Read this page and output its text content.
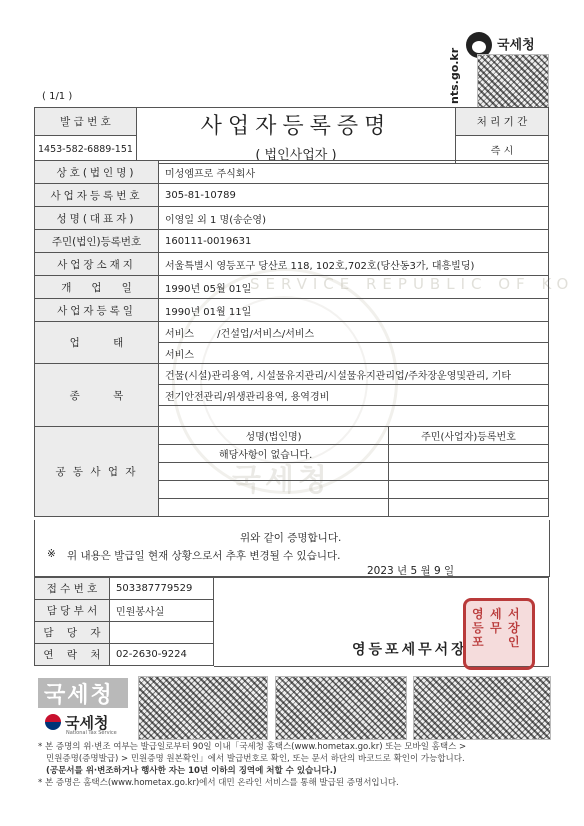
국세청
nts.go.kr
( 1/1 )
SERVICE REPUBLIC OF KO
국세청
발 급 번 호	사업자등록증명
( 법인사업자 )	처 리 기 간
1453-582-6889-151		즉 시
상호(법인명)	미성엠프로 주식회사	
사업자등록번호	305-81-10789	
성명(대표자)	이영일 외 1 명(송순영)	
주민(법인)등록번호	160111-0019631	
사업장소재지	서울특별시 영등포구 당산로 118, 102호,702호(당산동3가, 대흥빌딩)	
개      업      일	1990년 05월 01일	
사업자등록일	1990년 01월 11일	
업          태	서비스 /건설업/서비스/서비스	
	서비스	
종          목	건물(시설)관리용역, 시설물유지관리/시설물유지관리업/주차장운영및관리, 기타	
	전기안전관리/위생관리용역, 용역경비	

공 동 사 업 자	성명(법인명)	주민(사업자)등록번호
	해당사항이 없습니다.	

위와 같이 증명합니다.
※ 위 내용은 발급일 현재 상황으로서 추후 변경될 수 있습니다.
2023 년 5 월 9 일
접 수 번 호	503387779529
담 당 부 서	민원봉사실
담    당    자	
연    락    처	02-2630-9224	영등포세무서장
영
등
포
세
무
서
장
인
국세청
국세청
National Tax Service
* 본 증명의 위·변조 여부는 발급일로부터 90일 이내「국세청 홈택스(www.hometax.go.kr) 또는 모바일 홈택스 >
민원증명(증명발급) > 민원증명 원본확인」에서 발급번호로 확인, 또는 문서 하단의 바코드로 확인이 가능합니다.
(공문서를 위·변조하거나 행사한 자는 10년 이하의 징역에 처할 수 있습니다.)
* 본 증명은 홈택스(www.hometax.go.kr)에서 대민 온라인 서비스를 통해 발급된 증명서입니다.
